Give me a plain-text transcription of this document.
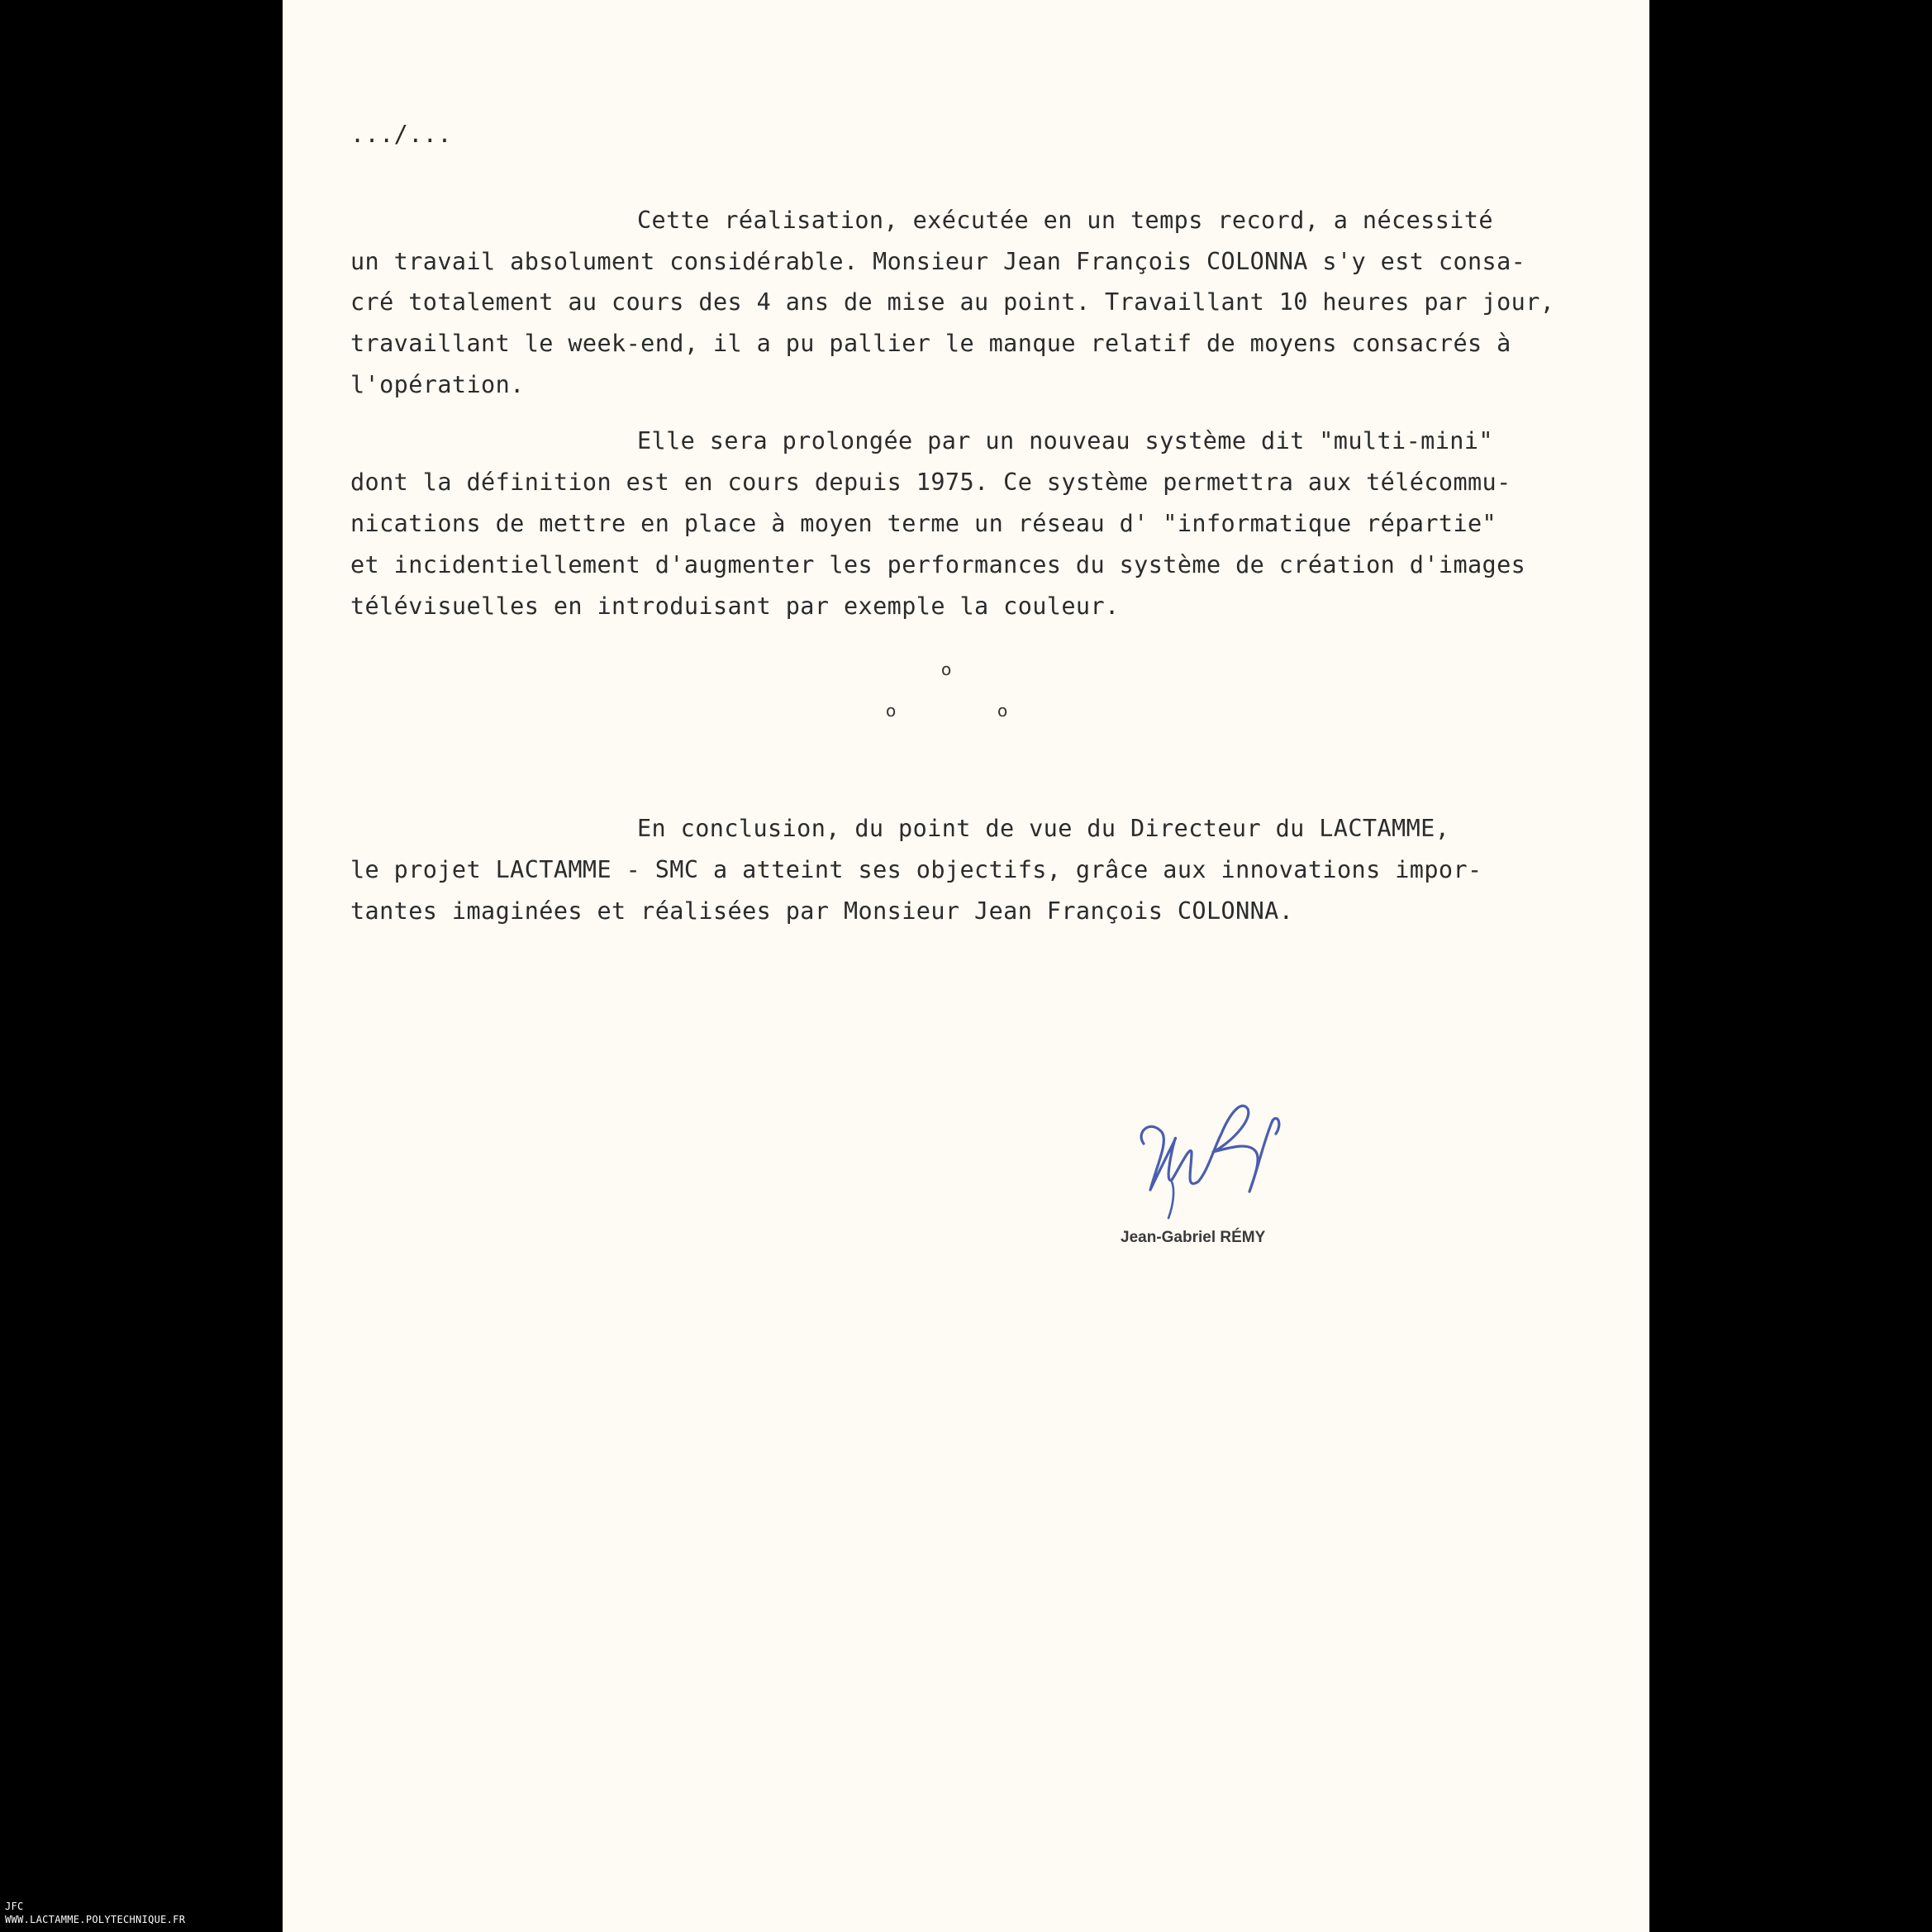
.../...
Cette réalisation, exécutée en un temps record, a nécessité
un travail absolument considérable. Monsieur Jean François COLONNA s'y est consa-
cré totalement au cours des 4 ans de mise au point. Travaillant 10 heures par jour,
travaillant le week-end, il a pu pallier le manque relatif de moyens consacrés à
l'opération.
Elle sera prolongée par un nouveau système dit "multi-mini"
dont la définition est en cours depuis 1975. Ce système permettra aux télécommu-
nications de mettre en place à moyen terme un réseau d' "informatique répartie"
et incidentiellement d'augmenter les performances du système de création d'images
télévisuelles en introduisant par exemple la couleur.
o
o	o
En conclusion, du point de vue du Directeur du LACTAMME,
le projet LACTAMME - SMC a atteint ses objectifs, grâce aux innovations impor-
tantes imaginées et réalisées par Monsieur Jean François COLONNA.
Jean-Gabriel RÉMY
JFC
WWW.LACTAMME.POLYTECHNIQUE.FR
